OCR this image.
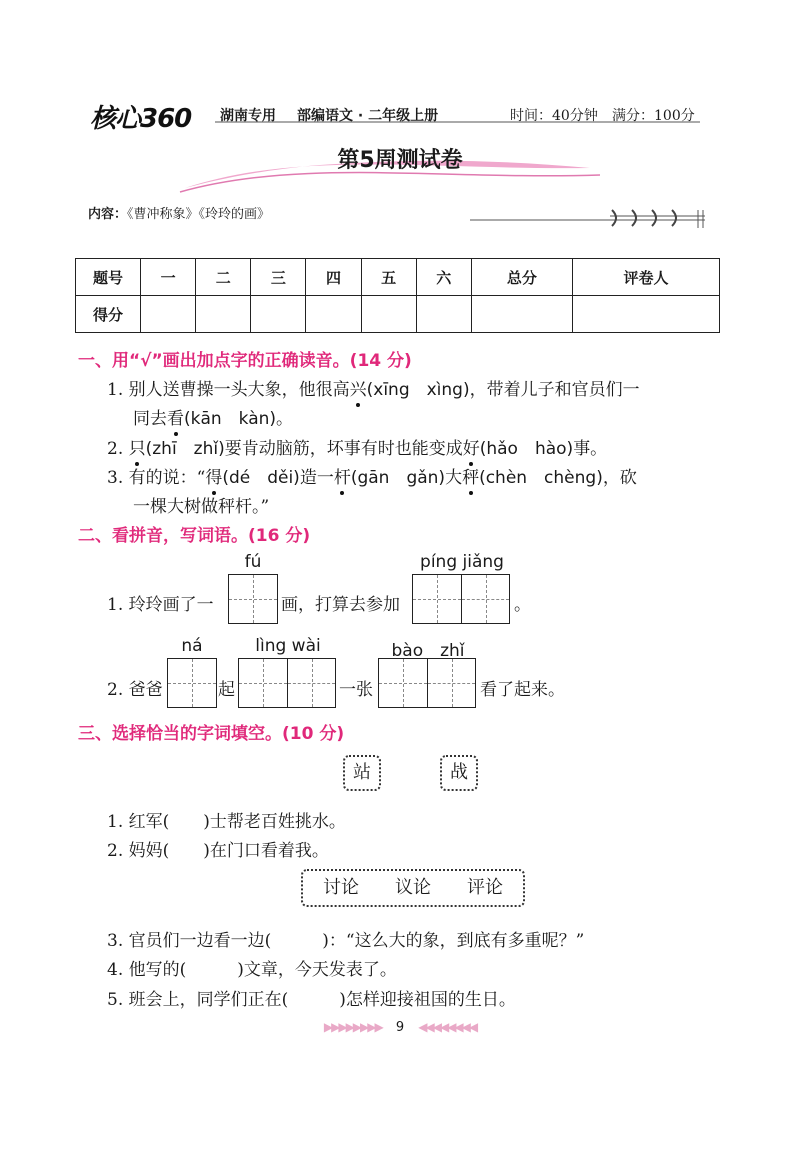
核心360 湖南专用 部编语文 · 二年级上册	时间：40分钟 满分：100分
第5周测试卷
内容：《曹冲称象》《玲玲的画》
题号	一	二	三	四	五	六	总分	评卷人
得分								
一、用“√”画出加点字的正确读音。(14 分)
1. 别人送曹操一头大象，他很高兴(xīng　xìng)，带着儿子和官员们一
同去看(kān　kàn)。
2. 只(zhī　zhǐ)要肯动脑筋，坏事有时也能变成好(hǎo　hào)事。
3. 有的说：“得(dé　děi)造一杆(gān　gǎn)大秤(chèn　chèng)，砍
一棵大树做秤杆。”
二、看拼音，写词语。(16 分)
fú	píng jiǎng
1. 玲玲画了一	画，打算去参加	。
ná	lìng wài	bào　zhǐ
2. 爸爸	起	一张	看了起来。
三、选择恰当的字词填空。(10 分)
站	战
1. 红军(　　)士帮老百姓挑水。
2. 妈妈(　　)在门口看着我。
讨论　　议论　　评论
3. 官员们一边看一边(　　　)：“这么大的象，到底有多重呢？”
4. 他写的(　　　)文章，今天发表了。
5. 班会上，同学们正在(　　　)怎样迎接祖国的生日。
▶▶▶▶▶▶▶▶ 9 ◀◀◀◀◀◀◀◀
